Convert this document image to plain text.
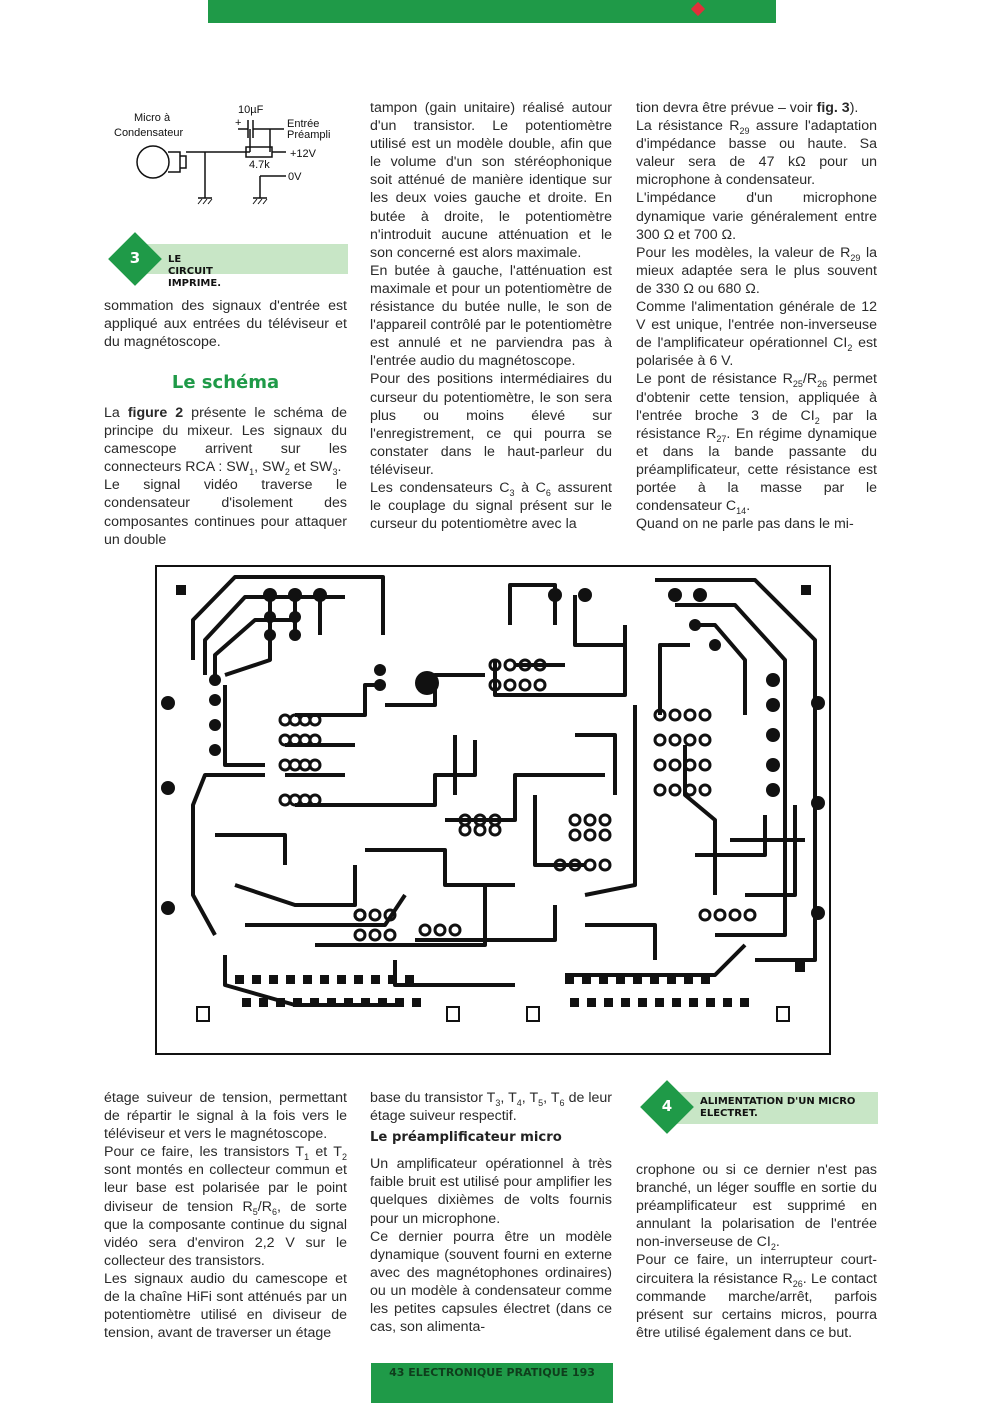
Micro à
Condensateur
10µF
+	Entrée
Préampli
+12V
4.7k
0V
3	LE CIRCUIT IMPRIME.

sommation des signaux d'entrée est appliqué aux entrées du téléviseur et du magnétoscope.

Le schéma

La figure 2 présente le schéma de principe du mixeur. Les signaux du camescope arrivent sur les connecteurs RCA : $SW_1$, $SW_2$ et $SW_3$.

Le signal vidéo traverse le condensateur d'isolement des composantes continues pour attaquer un double

tampon (gain unitaire) réalisé autour d'un transistor. Le potentiomètre utilisé est un modèle double, afin que le volume d'un son stéréophonique soit atténué de manière identique sur les deux voies gauche et droite. En butée à droite, le potentiomètre n'introduit aucune atténuation et le son concerné est alors maximale.

En butée à gauche, l'atténuation est maximale et pour un potentiomètre de résistance du butée nulle, le son de l'appareil contrôlé par le potentiomètre est annulé et ne parviendra pas à l'entrée audio du magnétoscope.

Pour des positions intermédiaires du curseur du potentiomètre, le son sera plus ou moins élevé sur l'enregistrement, ce qui pourra se constater dans le haut-parleur du téléviseur.

Les condensateurs $C_3$ à $C_6$ assurent le couplage du signal présent sur le curseur du potentiomètre avec la

tion devra être prévue – voir fig. 3).

La résistance $R_{29}$ assure l'adaptation d'impédance basse ou haute. Sa valeur sera de 47 kΩ pour un microphone à condensateur.

L'impédance d'un microphone dynamique varie généralement entre 300 Ω et 700 Ω.

Pour les modèles, la valeur de $R_{29}$ la mieux adaptée sera le plus souvent de 330 Ω ou 680 Ω.

Comme l'alimentation générale de 12 V est unique, l'entrée non-inverseuse de l'amplificateur opérationnel $CI_2$ est polarisée à 6 V.

Le pont de résistance $R_{25}/R_{26}$ permet d'obtenir cette tension, appliquée à l'entrée broche 3 de $CI_2$ par la résistance $R_{27}$. En régime dynamique et dans la bande passante du préamplificateur, cette résistance est portée à la masse par le condensateur $C_{14}$.

Quand on ne parle pas dans le mi-

étage suiveur de tension, permettant de répartir le signal à la fois vers le téléviseur et vers le magnétoscope.

Pour ce faire, les transistors $T_1$ et $T_2$ sont montés en collecteur commun et leur base est polarisée par le point diviseur de tension $R_5/R_6$, de sorte que la composante continue du signal vidéo sera d'environ 2,2 V sur le collecteur des transistors.

Les signaux audio du camescope et de la chaîne HiFi sont atténués par un potentiomètre utilisé en diviseur de tension, avant de traverser un étage

base du transistor $T_3$, $T_4$, $T_5$, $T_6$ de leur étage suiveur respectif.

Le préamplificateur micro

Un amplificateur opérationnel à très faible bruit est utilisé pour amplifier les quelques dixièmes de volts fournis pour un microphone.

Ce dernier pourra être un modèle dynamique (souvent fourni en externe avec des magnétophones ordinaires) ou un modèle à condensateur comme les petites capsules électret (dans ce cas, son alimenta-

4	ALIMENTATION D'UN MICRO ELECTRET.

crophone ou si ce dernier n'est pas branché, un léger souffle en sortie du préamplificateur est supprimé en annulant la polarisation de l'entrée non-inverseuse de $CI_2$.

Pour ce faire, un interrupteur court-circuitera la résistance $R_{26}$. Le contact commande marche/arrêt, parfois présent sur certains micros, pourra être utilisé également dans ce but.

43 ELECTRONIQUE PRATIQUE 193
